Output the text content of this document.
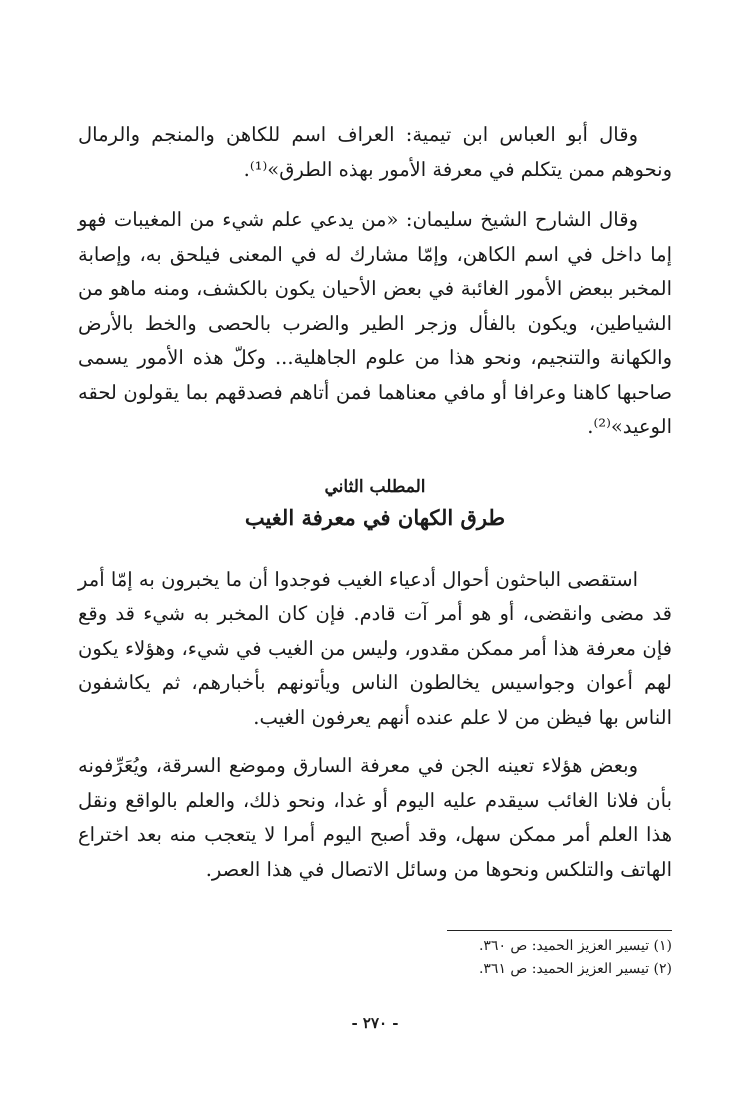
وقال أبو العباس ابن تيمية: العراف اسم للكاهن والمنجم والرمال ونحوهم ممن يتكلم في معرفة الأمور بهذه الطرق»⁽¹⁾.

وقال الشارح الشيخ سليمان: «من يدعي علم شيء من المغيبات فهو إما داخل في اسم الكاهن، وإمّا مشارك له في المعنى فيلحق به، وإصابة المخبر ببعض الأمور الغائبة في بعض الأحيان يكون بالكشف، ومنه ماهو من الشياطين، ويكون بالفأل وزجر الطير والضرب بالحصى والخط بالأرض والكهانة والتنجيم، ونحو هذا من علوم الجاهلية... وكلّ هذه الأمور يسمى صاحبها كاهنا وعرافا أو مافي معناهما فمن أتاهم فصدقهم بما يقولون لحقه الوعيد»⁽²⁾.

المطلب الثاني
طرق الكهان في معرفة الغيب

استقصى الباحثون أحوال أدعياء الغيب فوجدوا أن ما يخبرون به إمّا أمر قد مضى وانقضى، أو هو أمر آت قادم. فإن كان المخبر به شيء قد وقع فإن معرفة هذا أمر ممكن مقدور، وليس من الغيب في شيء، وهؤلاء يكون لهم أعوان وجواسيس يخالطون الناس ويأتونهم بأخبارهم، ثم يكاشفون الناس بها فيظن من لا علم عنده أنهم يعرفون الغيب.

وبعض هؤلاء تعينه الجن في معرفة السارق وموضع السرقة، ويُعَرِّفونه بأن فلانا الغائب سيقدم عليه اليوم أو غدا، ونحو ذلك، والعلم بالواقع ونقل هذا العلم أمر ممكن سهل، وقد أصبح اليوم أمرا لا يتعجب منه بعد اختراع الهاتف والتلكس ونحوها من وسائل الاتصال في هذا العصر.

(١) تيسير العزيز الحميد: ص ٣٦٠.
(٢) تيسير العزيز الحميد: ص ٣٦١.
- ٢٧٠ -
